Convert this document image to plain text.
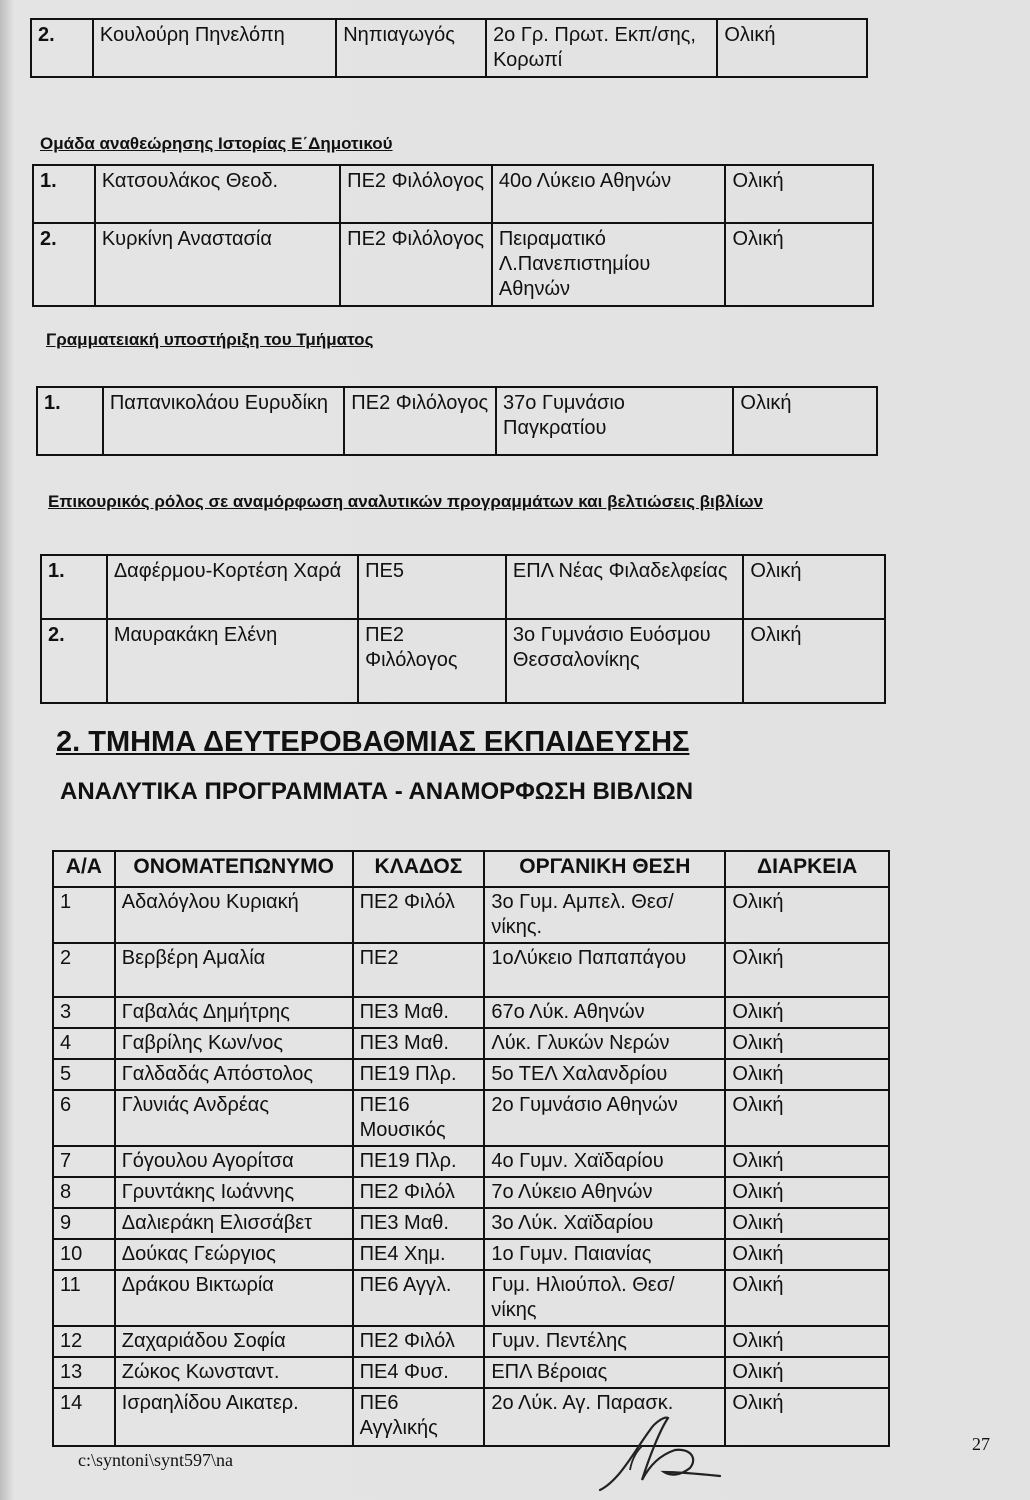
2.	Κουλούρη Πηνελόπη	Νηπιαγωγός	2ο Γρ. Πρωτ. Εκπ/σης, Κορωπί	Ολική
Ομάδα αναθεώρησης Ιστορίας Ε΄Δημοτικού
1.	Κατσουλάκος Θεοδ.	ΠΕ2 Φιλόλογος	40ο Λύκειο Αθηνών	Ολική
2.	Κυρκίνη Αναστασία	ΠΕ2 Φιλόλογος	Πειραματικό Λ.Πανεπιστημίου Αθηνών	Ολική
Γραμματειακή υποστήριξη του Τμήματος
1.	Παπανικολάου Ευρυδίκη	ΠΕ2 Φιλόλογος	37ο Γυμνάσιο Παγκρατίου	Ολική
Επικουρικός ρόλος σε αναμόρφωση αναλυτικών προγραμμάτων και βελτιώσεις βιβλίων
1.	Δαφέρμου-Κορτέση Χαρά	ΠΕ5	ΕΠΛ Νέας Φιλαδελφείας	Ολική
2.	Μαυρακάκη Ελένη	ΠΕ2 Φιλόλογος	3ο Γυμνάσιο Ευόσμου Θεσσαλονίκης	Ολική
2. ΤΜΗΜΑ ΔΕΥΤΕΡΟΒΑΘΜΙΑΣ ΕΚΠΑΙΔΕΥΣΗΣ
ΑΝΑΛΥΤΙΚΑ ΠΡΟΓΡΑΜΜΑΤΑ - ΑΝΑΜΟΡΦΩΣΗ ΒΙΒΛΙΩΝ
Α/Α	ΟΝΟΜΑΤΕΠΩΝΥΜΟ	ΚΛΑΔΟΣ	ΟΡΓΑΝΙΚΗ ΘΕΣΗ	ΔΙΑΡΚΕΙΑ
1	Αδαλόγλου Κυριακή	ΠΕ2 Φιλόλ	3ο Γυμ. Αμπελ. Θεσ/νίκης.	Ολική
2	Βερβέρη Αμαλία	ΠΕ2	1οΛύκειο Παπαπάγου	Ολική
3	Γαβαλάς Δημήτρης	ΠΕ3 Μαθ.	67ο Λύκ. Αθηνών	Ολική
4	Γαβρίλης Κων/νος	ΠΕ3 Μαθ.	Λύκ. Γλυκών Νερών	Ολική
5	Γαλδαδάς Απόστολος	ΠΕ19 Πλρ.	5ο ΤΕΛ Χαλανδρίου	Ολική
6	Γλυνιάς Ανδρέας	ΠΕ16 Μουσικός	2ο Γυμνάσιο Αθηνών	Ολική
7	Γόγουλου Αγορίτσα	ΠΕ19 Πλρ.	4ο Γυμν. Χαϊδαρίου	Ολική
8	Γρυντάκης Ιωάννης	ΠΕ2 Φιλόλ	7ο Λύκειο Αθηνών	Ολική
9	Δαλιεράκη Ελισσάβετ	ΠΕ3 Μαθ.	3ο Λύκ. Χαϊδαρίου	Ολική
10	Δούκας Γεώργιος	ΠΕ4 Χημ.	1ο Γυμν. Παιανίας	Ολική
11	Δράκου Βικτωρία	ΠΕ6 Αγγλ.	Γυμ. Ηλιούπολ. Θεσ/νίκης	Ολική
12	Ζαχαριάδου Σοφία	ΠΕ2 Φιλόλ	Γυμν. Πεντέλης	Ολική
13	Ζώκος Κωνσταντ.	ΠΕ4 Φυσ.	ΕΠΛ Βέροιας	Ολική
14	Ισραηλίδου Αικατερ.	ΠΕ6 Αγγλικής	2ο Λύκ. Αγ. Παρασκ.	Ολική
c:\syntoni\synt597\na
27
